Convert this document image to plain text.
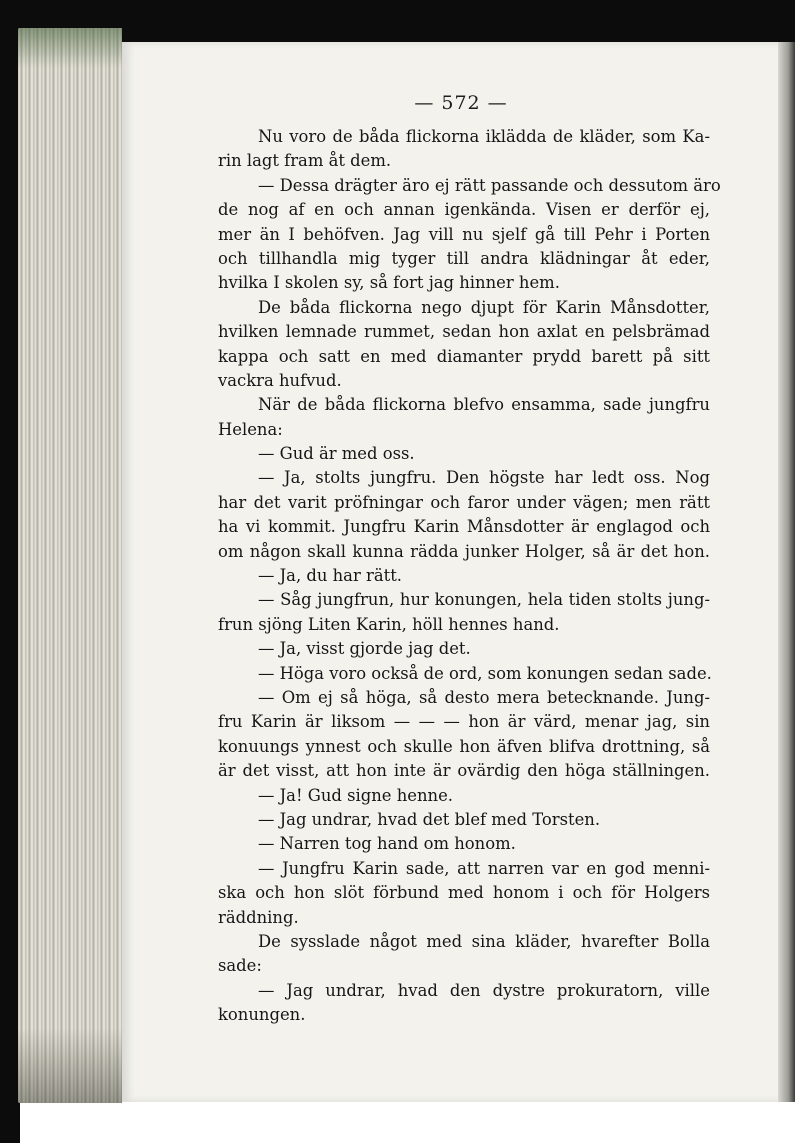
— 572 —
Nu voro de båda flickorna iklädda de kläder, som Ka-
rin lagt fram åt dem.
— Dessa drägter äro ej rätt passande och dessutom äro
de nog af en och annan igenkända. Visen er derför ej,
mer än I behöfven. Jag vill nu sjelf gå till Pehr i Porten
och tillhandla mig tyger till andra klädningar åt eder,
hvilka I skolen sy, så fort jag hinner hem.
De båda flickorna nego djupt för Karin Månsdotter,
hvilken lemnade rummet, sedan hon axlat en pelsbrämad
kappa och satt en med diamanter prydd barett på sitt
vackra hufvud.
När de båda flickorna blefvo ensamma, sade jungfru
Helena:
— Gud är med oss.
— Ja, stolts jungfru. Den högste har ledt oss. Nog
har det varit pröfningar och faror under vägen; men rätt
ha vi kommit. Jungfru Karin Månsdotter är englagod och
om någon skall kunna rädda junker Holger, så är det hon.
— Ja, du har rätt.
— Såg jungfrun, hur konungen, hela tiden stolts jung-
frun sjöng Liten Karin, höll hennes hand.
— Ja, visst gjorde jag det.
— Höga voro också de ord, som konungen sedan sade.
— Om ej så höga, så desto mera betecknande. Jung-
fru Karin är liksom — — — hon är värd, menar jag, sin
konuungs ynnest och skulle hon äfven blifva drottning, så
är det visst, att hon inte är ovärdig den höga ställningen.
— Ja! Gud signe henne.
— Jag undrar, hvad det blef med Torsten.
— Narren tog hand om honom.
— Jungfru Karin sade, att narren var en god menni-
ska och hon slöt förbund med honom i och för Holgers
räddning.
De sysslade något med sina kläder, hvarefter Bolla
sade:
— Jag undrar, hvad den dystre prokuratorn, ville
konungen.
